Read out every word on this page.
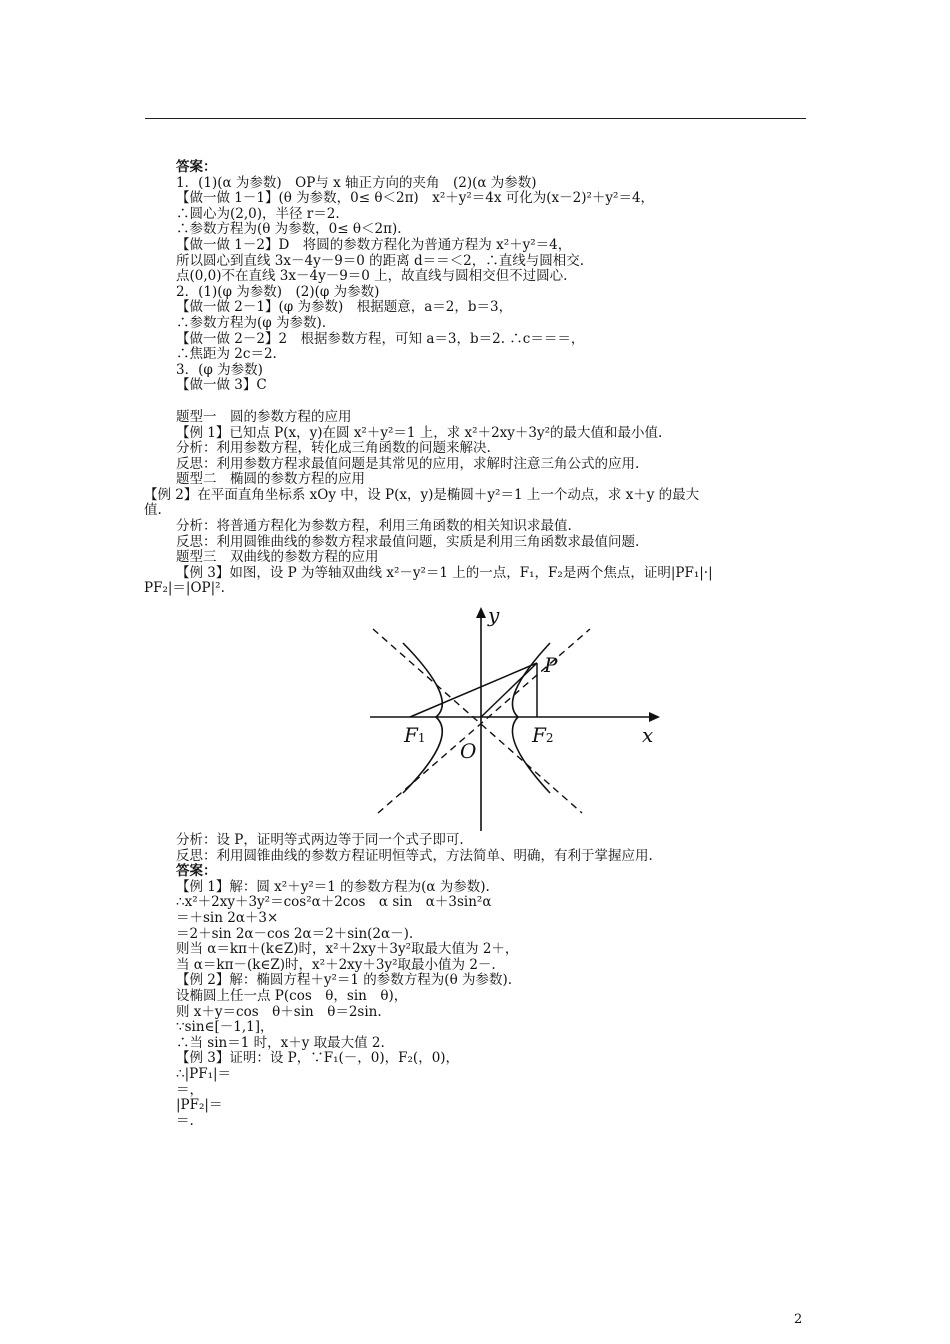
答案：
1．(1)(α 为参数)　OP与 x 轴正方向的夹角　(2)(α 为参数)
【做一做 1－1】(θ 为参数，0≤ θ＜2π)　x²＋y²＝4x 可化为(x－2)²＋y²＝4，
∴圆心为(2,0)，半径 r＝2.
∴参数方程为(θ 为参数，0≤ θ＜2π).
【做一做 1－2】D　将圆的参数方程化为普通方程为 x²＋y²＝4，
所以圆心到直线 3x－4y－9＝0 的距离 d＝＝＜2，∴直线与圆相交.
点(0,0)不在直线 3x－4y－9＝0 上，故直线与圆相交但不过圆心.
2．(1)(φ 为参数)　(2)(φ 为参数)
【做一做 2－1】(φ 为参数)　根据题意，a＝2，b＝3，
∴参数方程为(φ 为参数).
【做一做 2－2】2　根据参数方程，可知 a＝3，b＝2. ∴c＝＝＝，
∴焦距为 2c＝2.
3．(φ 为参数)
【做一做 3】C
题型一　圆的参数方程的应用
【例 1】已知点 P(x，y)在圆 x²＋y²＝1 上，求 x²＋2xy＋3y²的最大值和最小值.
分析：利用参数方程，转化成三角函数的问题来解决.
反思：利用参数方程求最值问题是其常见的应用，求解时注意三角公式的应用.
题型二　椭圆的参数方程的应用
【例 2】在平面直角坐标系 xOy 中，设 P(x，y)是椭圆＋y²＝1 上一个动点，求 x＋y 的最大
值.
分析：将普通方程化为参数方程，利用三角函数的相关知识求最值.
反思：利用圆锥曲线的参数方程求最值问题，实质是利用三角函数求最值问题.
题型三　双曲线的参数方程的应用
【例 3】如图，设 P 为等轴双曲线 x²－y²＝1 上的一点，F₁，F₂是两个焦点，证明|PF₁|·|
PF₂|＝|OP|².
y
x
P
O
F1	F2
分析：设 P，证明等式两边等于同一个式子即可.
反思：利用圆锥曲线的参数方程证明恒等式，方法简单、明确，有利于掌握应用.
答案：
【例 1】解：圆 x²＋y²＝1 的参数方程为(α 为参数).
∴x²＋2xy＋3y²＝cos²α＋2cos　α sin　α＋3sin²α
＝＋sin 2α＋3×
＝2＋sin 2α－cos 2α＝2＋sin(2α－).
则当 α＝kπ＋(k∈Z)时，x²＋2xy＋3y²取最大值为 2＋，
当 α＝kπ－(k∈Z)时，x²＋2xy＋3y²取最小值为 2－.
【例 2】解：椭圆方程＋y²＝1 的参数方程为(θ 为参数).
设椭圆上任一点 P(cos　θ，sin　θ)，
则 x＋y＝cos　θ＋sin　θ＝2sin.
∵sin∈[－1,1]，
∴当 sin＝1 时，x＋y 取最大值 2.
【例 3】证明：设 P，∵F₁(－，0)，F₂(，0)，
∴|PF₁|＝
＝，
|PF₂|＝
＝.
2
